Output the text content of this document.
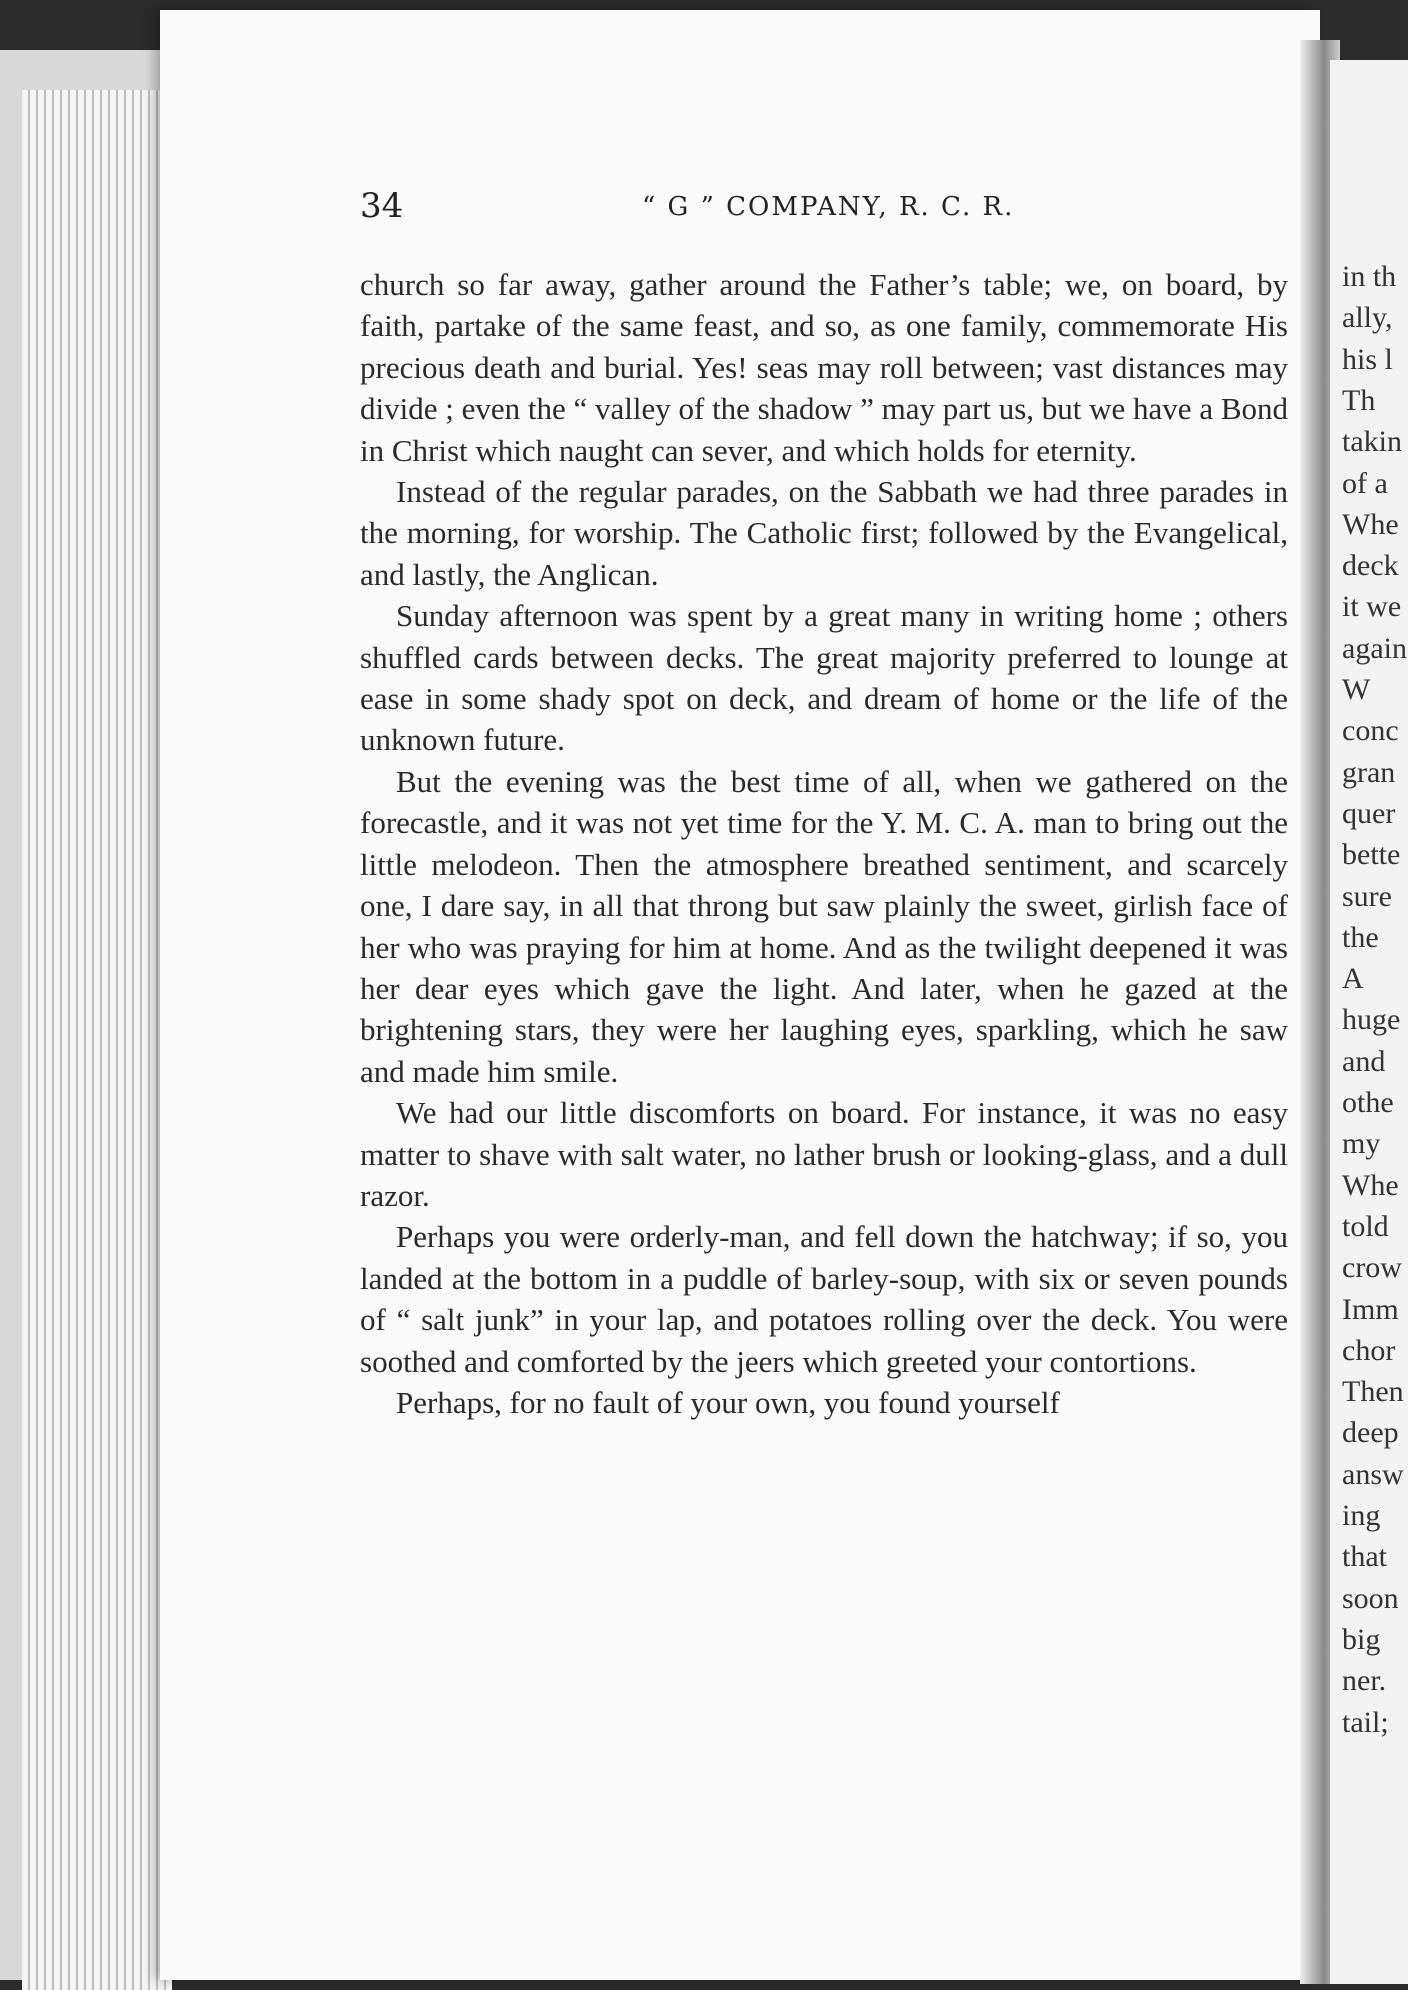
in th
ally,
his l
Th
takin
of a
Whe
deck
it we
again
W
conc
gran
quer
bette
sure
the
A
huge
and
othe
my
Whe
told
crow
Imm
chor
Then
deep
answ
ing
that
soon
big
ner.
tail;
34	“ G ” COMPANY, R. C. R.

church so far away, gather around the Father’s table; we, on board, by faith, partake of the same feast, and so, as one family, commemorate His precious death and burial. Yes! seas may roll between; vast distances may divide ; even the “ valley of the shadow ” may part us, but we have a Bond in Christ which naught can sever, and which holds for eternity.

Instead of the regular parades, on the Sabbath we had three parades in the morning, for worship. The Catholic first; followed by the Evangelical, and lastly, the Anglican.

Sunday afternoon was spent by a great many in writing home ; others shuffled cards between decks. The great majority preferred to lounge at ease in some shady spot on deck, and dream of home or the life of the unknown future.

But the evening was the best time of all, when we gathered on the forecastle, and it was not yet time for the Y. M. C. A. man to bring out the little melodeon. Then the atmosphere breathed sentiment, and scarcely one, I dare say, in all that throng but saw plainly the sweet, girlish face of her who was praying for him at home. And as the twilight deepened it was her dear eyes which gave the light. And later, when he gazed at the brightening stars, they were her laughing eyes, sparkling, which he saw and made him smile.

We had our little discomforts on board. For instance, it was no easy matter to shave with salt water, no lather brush or looking-glass, and a dull razor.

Perhaps you were orderly-man, and fell down the hatchway; if so, you landed at the bottom in a puddle of barley-soup, with six or seven pounds of “ salt junk” in your lap, and potatoes rolling over the deck. You were soothed and comforted by the jeers which greeted your contortions.

Perhaps, for no fault of your own, you found yourself
